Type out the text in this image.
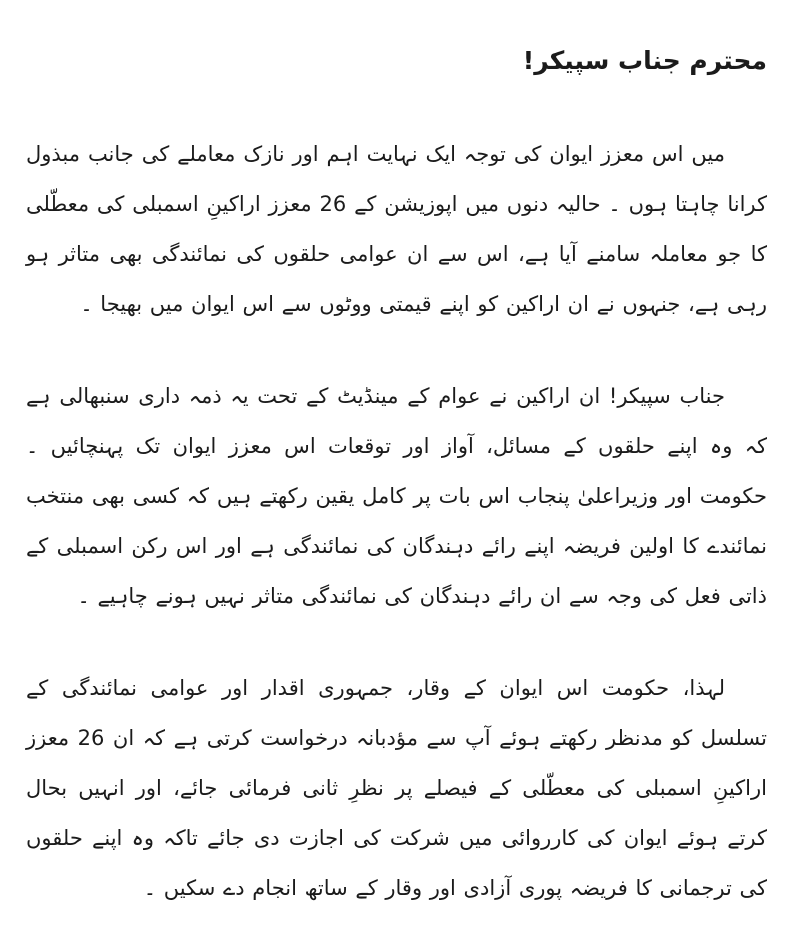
محترم جناب سپیکر!

میں اس معزز ایوان کی توجہ ایک نہایت اہم اور نازک معاملے کی جانب مبذول کرانا چاہتا ہوں ۔ حالیہ دنوں میں اپوزیشن کے 26 معزز اراکینِ اسمبلی کی معطّلی کا جو معاملہ سامنے آیا ہے، اس سے ان عوامی حلقوں کی نمائندگی بھی متاثر ہو رہی ہے، جنہوں نے ان اراکین کو اپنے قیمتی ووٹوں سے اس ایوان میں بھیجا ۔

جناب سپیکر! ان اراکین نے عوام کے مینڈیٹ کے تحت یہ ذمہ داری سنبھالی ہے کہ وہ اپنے حلقوں کے مسائل، آواز اور توقعات اس معزز ایوان تک پہنچائیں ۔ حکومت اور وزیراعلیٰ پنجاب اس بات پر کامل یقین رکھتے ہیں کہ کسی بھی منتخب نمائندے کا اولین فریضہ اپنے رائے دہندگان کی نمائندگی ہے اور اس رکن اسمبلی کے ذاتی فعل کی وجہ سے ان رائے دہندگان کی نمائندگی متاثر نہیں ہونے چاہیے ۔

لہذا، حکومت اس ایوان کے وقار، جمہوری اقدار اور عوامی نمائندگی کے تسلسل کو مدنظر رکھتے ہوئے آپ سے مؤدبانہ درخواست کرتی ہے کہ ان 26 معزز اراکینِ اسمبلی کی معطّلی کے فیصلے پر نظرِ ثانی فرمائی جائے، اور انہیں بحال کرتے ہوئے ایوان کی کارروائی میں شرکت کی اجازت دی جائے تاکہ وہ اپنے حلقوں کی ترجمانی کا فریضہ پوری آزادی اور وقار کے ساتھ انجام دے سکیں ۔
